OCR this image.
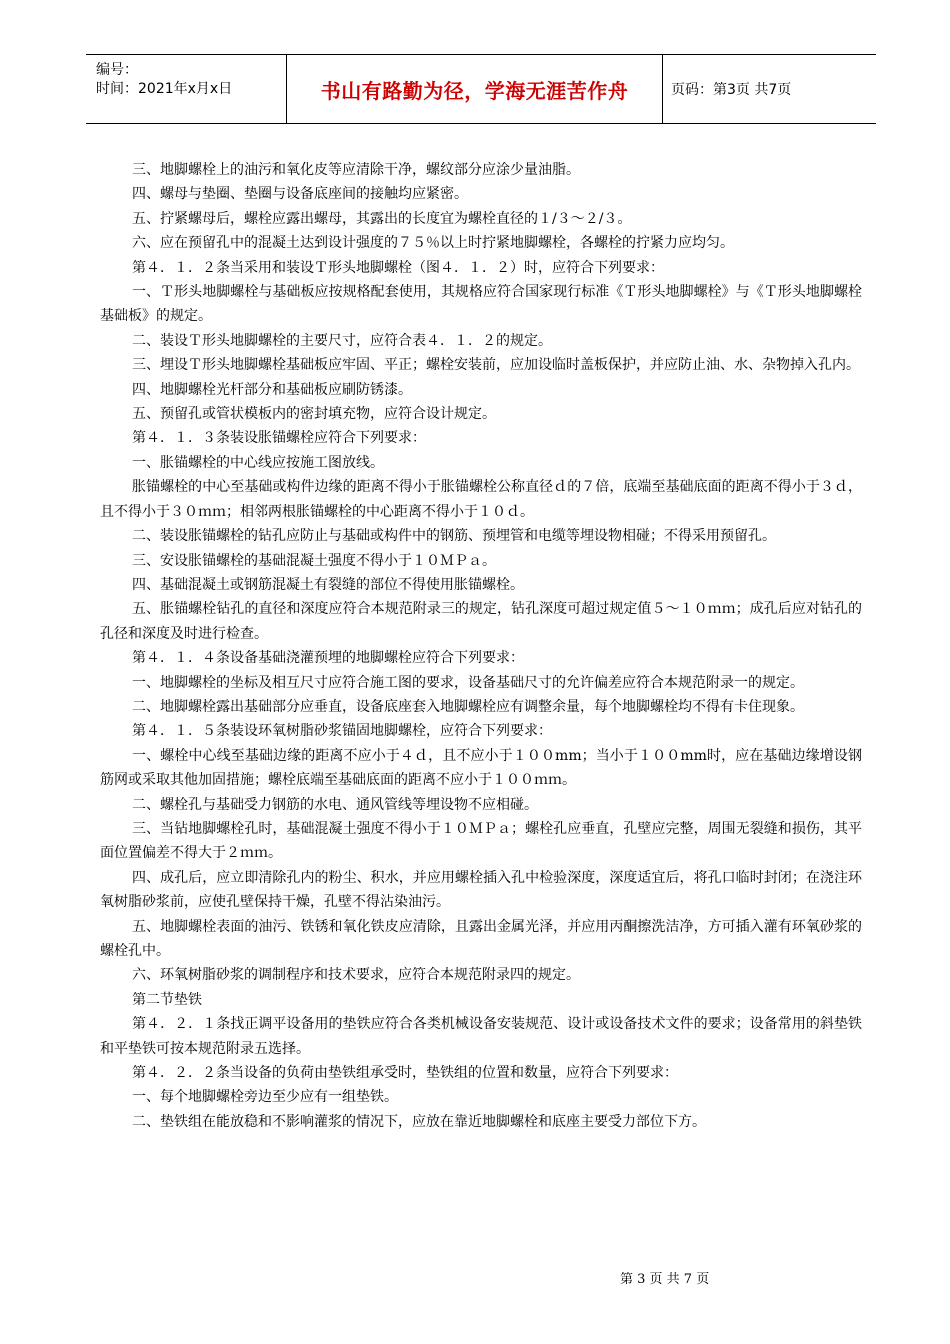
编号：
时间：2021年x月x日	书山有路勤为径，学海无涯苦作舟	页码：第3页 共7页

三、地脚螺栓上的油污和氧化皮等应清除干净，螺纹部分应涂少量油脂。

四、螺母与垫圈、垫圈与设备底座间的接触均应紧密。

五、拧紧螺母后，螺栓应露出螺母，其露出的长度宜为螺栓直径的１/３～２/３。

六、应在预留孔中的混凝土达到设计强度的７５％以上时拧紧地脚螺栓，各螺栓的拧紧力应均匀。

第４．１．２条当采用和装设Ｔ形头地脚螺栓（图４．１．２）时，应符合下列要求：

一、Ｔ形头地脚螺栓与基础板应按规格配套使用，其规格应符合国家现行标准《Ｔ形头地脚螺栓》与《Ｔ形头地脚螺栓基础板》的规定。

二、装设Ｔ形头地脚螺栓的主要尺寸，应符合表４．１．２的规定。

三、埋设Ｔ形头地脚螺栓基础板应牢固、平正；螺栓安装前，应加设临时盖板保护，并应防止油、水、杂物掉入孔内。

四、地脚螺栓光杆部分和基础板应刷防锈漆。

五、预留孔或管状模板内的密封填充物，应符合设计规定。

第４．１．３条装设胀锚螺栓应符合下列要求：

一、胀锚螺栓的中心线应按施工图放线。

胀锚螺栓的中心至基础或构件边缘的距离不得小于胀锚螺栓公称直径ｄ的７倍，底端至基础底面的距离不得小于３ｄ，且不得小于３０ｍｍ；相邻两根胀锚螺栓的中心距离不得小于１０ｄ。

二、装设胀锚螺栓的钻孔应防止与基础或构件中的钢筋、预埋管和电缆等埋设物相碰；不得采用预留孔。

三、安设胀锚螺栓的基础混凝土强度不得小于１０ＭＰａ。

四、基础混凝土或钢筋混凝土有裂缝的部位不得使用胀锚螺栓。

五、胀锚螺栓钻孔的直径和深度应符合本规范附录三的规定，钻孔深度可超过规定值５～１０ｍｍ；成孔后应对钻孔的孔径和深度及时进行检查。

第４．１．４条设备基础浇灌预埋的地脚螺栓应符合下列要求：

一、地脚螺栓的坐标及相互尺寸应符合施工图的要求，设备基础尺寸的允许偏差应符合本规范附录一的规定。

二、地脚螺栓露出基础部分应垂直，设备底座套入地脚螺栓应有调整余量，每个地脚螺栓均不得有卡住现象。

第４．１．５条装设环氧树脂砂浆锚固地脚螺栓，应符合下列要求：

一、螺栓中心线至基础边缘的距离不应小于４ｄ，且不应小于１００mm；当小于１００mm时，应在基础边缘增设钢筋网或采取其他加固措施；螺栓底端至基础底面的距离不应小于１００ｍｍ。

二、螺栓孔与基础受力钢筋的水电、通风管线等埋设物不应相碰。

三、当钻地脚螺栓孔时，基础混凝土强度不得小于１０ＭＰａ；螺栓孔应垂直，孔壁应完整，周围无裂缝和损伤，其平面位置偏差不得大于２ｍｍ。

四、成孔后，应立即清除孔内的粉尘、积水，并应用螺栓插入孔中检验深度，深度适宜后，将孔口临时封闭；在浇注环氧树脂砂浆前，应使孔壁保持干燥，孔壁不得沾染油污。

五、地脚螺栓表面的油污、铁锈和氧化铁皮应清除，且露出金属光泽，并应用丙酮擦洗洁净，方可插入灌有环氧砂浆的螺栓孔中。

六、环氧树脂砂浆的调制程序和技术要求，应符合本规范附录四的规定。

第二节垫铁

第４．２．１条找正调平设备用的垫铁应符合各类机械设备安装规范、设计或设备技术文件的要求；设备常用的斜垫铁和平垫铁可按本规范附录五选择。

第４．２．２条当设备的负荷由垫铁组承受时，垫铁组的位置和数量，应符合下列要求：

一、每个地脚螺栓旁边至少应有一组垫铁。

二、垫铁组在能放稳和不影响灌浆的情况下，应放在靠近地脚螺栓和底座主要受力部位下方。

第 3 页 共 7 页
